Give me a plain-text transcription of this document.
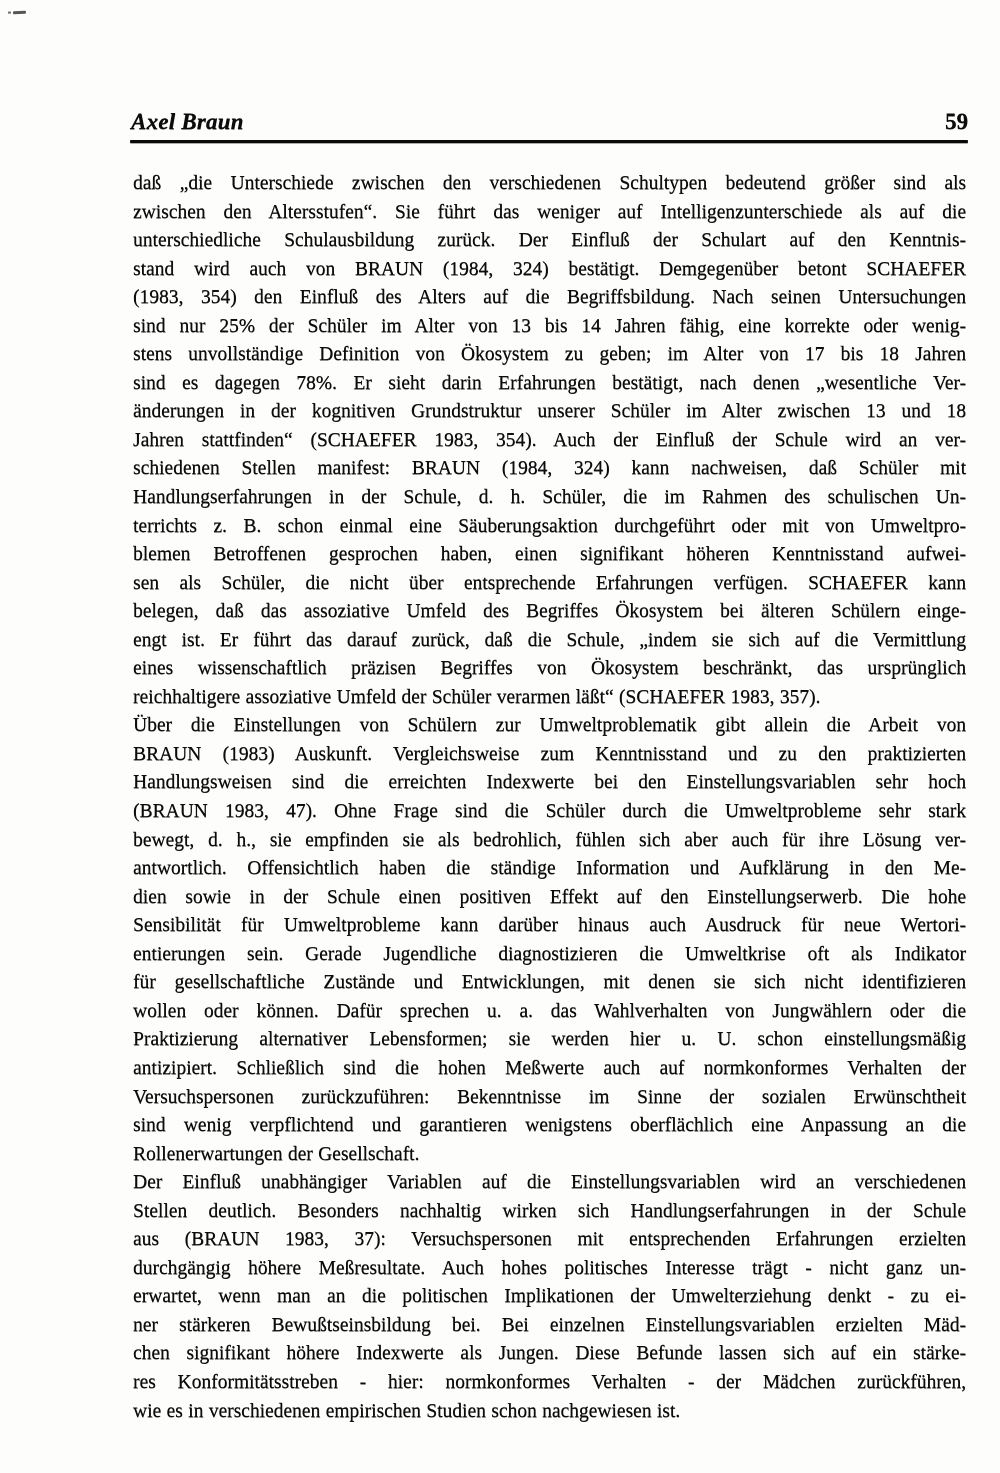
Axel Braun	59
daß „die Unterschiede zwischen den verschiedenen Schultypen bedeutend größer sind als
zwischen den Altersstufen“. Sie führt das weniger auf Intelligenzunterschiede als auf die
unterschiedliche Schulausbildung zurück. Der Einfluß der Schulart auf den Kenntnis-
stand wird auch von BRAUN (1984, 324) bestätigt. Demgegenüber betont SCHAEFER
(1983, 354) den Einfluß des Alters auf die Begriffsbildung. Nach seinen Untersuchungen
sind nur 25% der Schüler im Alter von 13 bis 14 Jahren fähig, eine korrekte oder wenig-
stens unvollständige Definition von Ökosystem zu geben; im Alter von 17 bis 18 Jahren
sind es dagegen 78%. Er sieht darin Erfahrungen bestätigt, nach denen „wesentliche Ver-
änderungen in der kognitiven Grundstruktur unserer Schüler im Alter zwischen 13 und 18
Jahren stattfinden“ (SCHAEFER 1983, 354). Auch der Einfluß der Schule wird an ver-
schiedenen Stellen manifest: BRAUN (1984, 324) kann nachweisen, daß Schüler mit
Handlungserfahrungen in der Schule, d. h. Schüler, die im Rahmen des schulischen Un-
terrichts z. B. schon einmal eine Säuberungsaktion durchgeführt oder mit von Umweltpro-
blemen Betroffenen gesprochen haben, einen signifikant höheren Kenntnisstand aufwei-
sen als Schüler, die nicht über entsprechende Erfahrungen verfügen. SCHAEFER kann
belegen, daß das assoziative Umfeld des Begriffes Ökosystem bei älteren Schülern einge-
engt ist. Er führt das darauf zurück, daß die Schule, „indem sie sich auf die Vermittlung
eines wissenschaftlich präzisen Begriffes von Ökosystem beschränkt, das ursprünglich
reichhaltigere assoziative Umfeld der Schüler verarmen läßt“ (SCHAEFER 1983, 357).
Über die Einstellungen von Schülern zur Umweltproblematik gibt allein die Arbeit von
BRAUN (1983) Auskunft. Vergleichsweise zum Kenntnisstand und zu den praktizierten
Handlungsweisen sind die erreichten Indexwerte bei den Einstellungsvariablen sehr hoch
(BRAUN 1983, 47). Ohne Frage sind die Schüler durch die Umweltprobleme sehr stark
bewegt, d. h., sie empfinden sie als bedrohlich, fühlen sich aber auch für ihre Lösung ver-
antwortlich. Offensichtlich haben die ständige Information und Aufklärung in den Me-
dien sowie in der Schule einen positiven Effekt auf den Einstellungserwerb. Die hohe
Sensibilität für Umweltprobleme kann darüber hinaus auch Ausdruck für neue Wertori-
entierungen sein. Gerade Jugendliche diagnostizieren die Umweltkrise oft als Indikator
für gesellschaftliche Zustände und Entwicklungen, mit denen sie sich nicht identifizieren
wollen oder können. Dafür sprechen u. a. das Wahlverhalten von Jungwählern oder die
Praktizierung alternativer Lebensformen; sie werden hier u. U. schon einstellungsmäßig
antizipiert. Schließlich sind die hohen Meßwerte auch auf normkonformes Verhalten der
Versuchspersonen zurückzuführen: Bekenntnisse im Sinne der sozialen Erwünschtheit
sind wenig verpflichtend und garantieren wenigstens oberflächlich eine Anpassung an die
Rollenerwartungen der Gesellschaft.
Der Einfluß unabhängiger Variablen auf die Einstellungsvariablen wird an verschiedenen
Stellen deutlich. Besonders nachhaltig wirken sich Handlungserfahrungen in der Schule
aus (BRAUN 1983, 37): Versuchspersonen mit entsprechenden Erfahrungen erzielten
durchgängig höhere Meßresultate. Auch hohes politisches Interesse trägt - nicht ganz un-
erwartet, wenn man an die politischen Implikationen der Umwelterziehung denkt - zu ei-
ner stärkeren Bewußtseinsbildung bei. Bei einzelnen Einstellungsvariablen erzielten Mäd-
chen signifikant höhere Indexwerte als Jungen. Diese Befunde lassen sich auf ein stärke-
res Konformitätsstreben - hier: normkonformes Verhalten - der Mädchen zurückführen,
wie es in verschiedenen empirischen Studien schon nachgewiesen ist.
